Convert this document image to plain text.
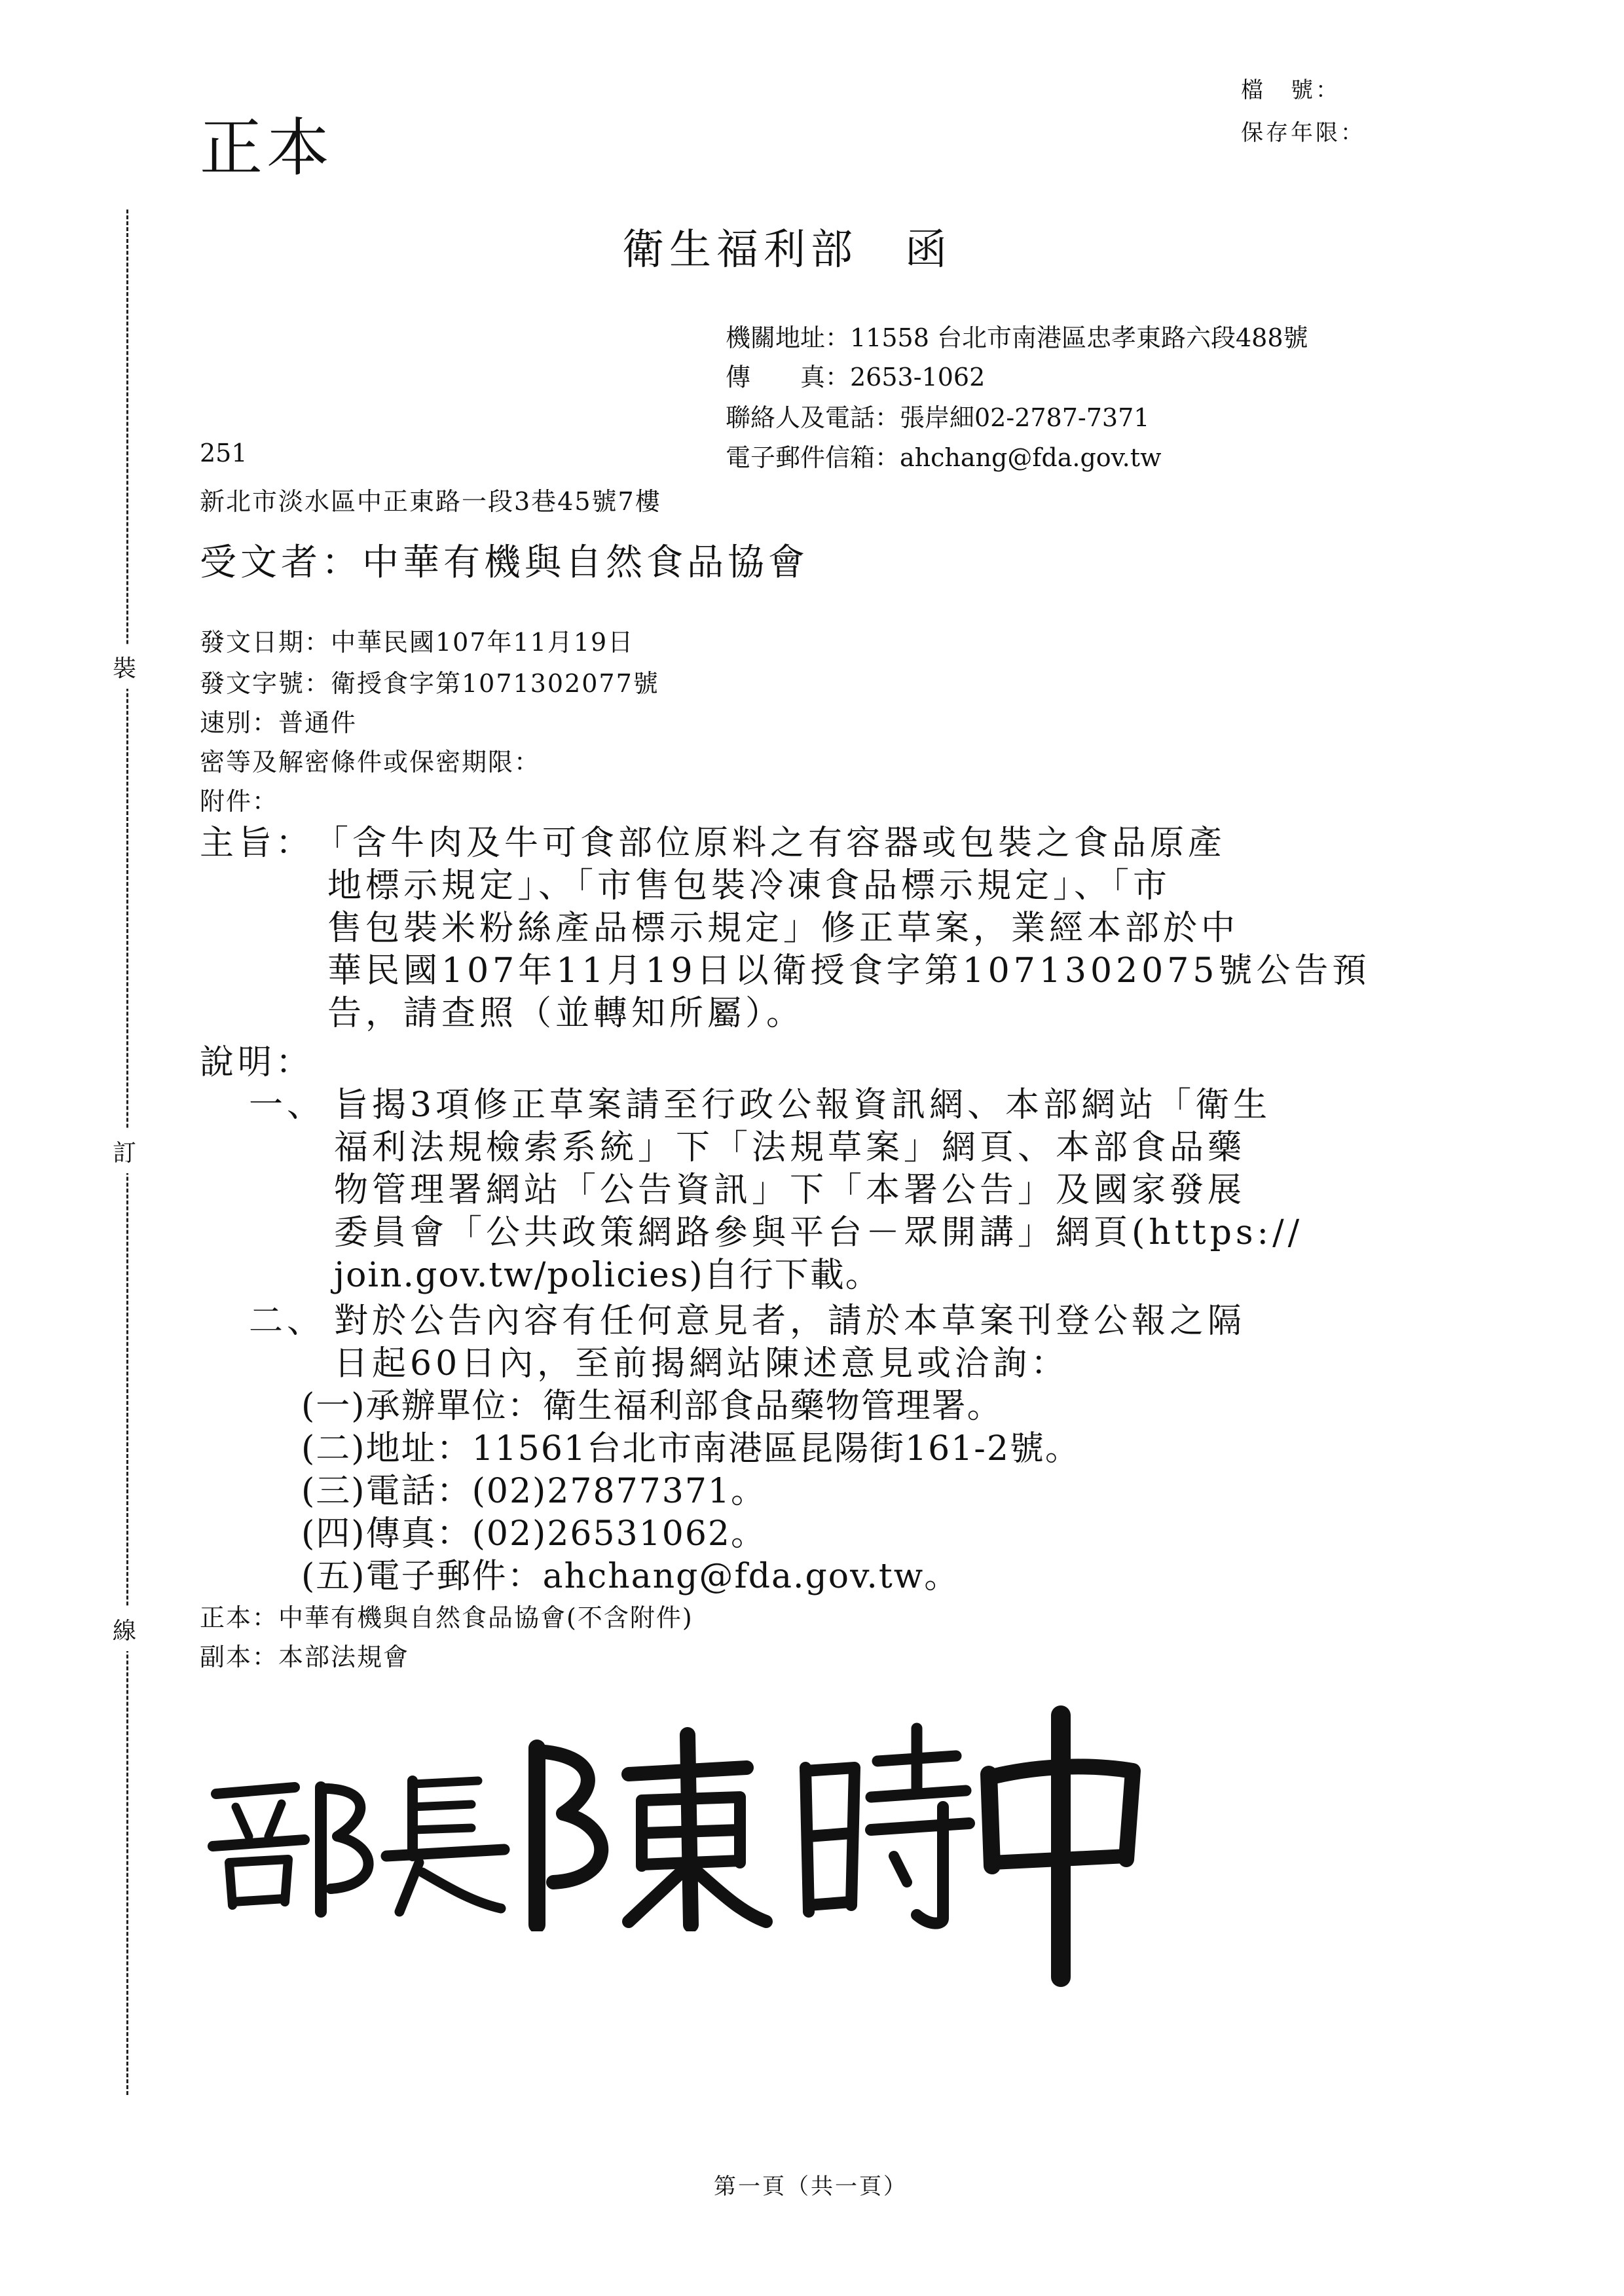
裝
訂
線
正本
檔　號：
保存年限：
衛生福利部　函
機關地址：11558 台北市南港區忠孝東路六段488號
傳　　真：2653-1062
聯絡人及電話：張岸細02-2787-7371
電子郵件信箱：ahchang@fda.gov.tw
251
新北市淡水區中正東路一段3巷45號7樓
受文者：中華有機與自然食品協會
發文日期：中華民國107年11月19日
發文字號：衛授食字第1071302077號
速別：普通件
密等及解密條件或保密期限：
附件：
主旨： 「含牛肉及牛可食部位原料之有容器或包裝之食品原產
地標示規定」、「市售包裝冷凍食品標示規定」、「市
售包裝米粉絲產品標示規定」修正草案，業經本部於中
華民國107年11月19日以衛授食字第1071302075號公告預
告，請查照（並轉知所屬）。
說明：
一、 旨揭3項修正草案請至行政公報資訊網、本部網站「衛生
福利法規檢索系統」下「法規草案」網頁、本部食品藥
物管理署網站「公告資訊」下「本署公告」及國家發展
委員會「公共政策網路參與平台－眾開講」網頁(https://
join.gov.tw/policies)自行下載。
二、 對於公告內容有任何意見者，請於本草案刊登公報之隔
日起60日內，至前揭網站陳述意見或洽詢：
(一)承辦單位：衛生福利部食品藥物管理署。
(二)地址：11561台北市南港區昆陽街161-2號。
(三)電話：(02)27877371。
(四)傳真：(02)26531062。
(五)電子郵件：ahchang@fda.gov.tw。
正本：中華有機與自然食品協會(不含附件)
副本：本部法規會
第一頁（共一頁）
